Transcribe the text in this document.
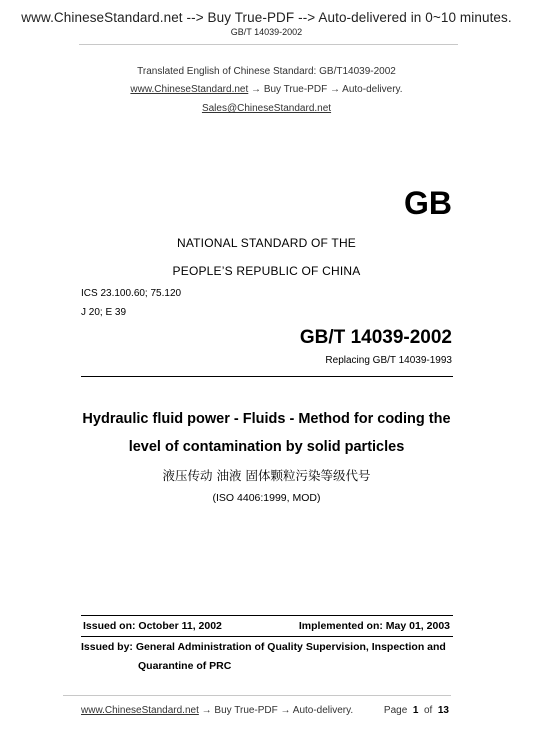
www.ChineseStandard.net --> Buy True-PDF --> Auto-delivered in 0~10 minutes.
GB/T 14039-2002
Translated English of Chinese Standard: GB/T14039-2002
www.ChineseStandard.net → Buy True-PDF → Auto-delivery.
Sales@ChineseStandard.net
GB
NATIONAL STANDARD OF THE
PEOPLE’S REPUBLIC OF CHINA
ICS 23.100.60; 75.120
J 20; E 39
GB/T 14039-2002
Replacing GB/T 14039-1993
Hydraulic fluid power - Fluids - Method for coding the
level of contamination by solid particles
液压传动 油液 固体颗粒污染等级代号
(ISO 4406:1999, MOD)
Issued on: October 11, 2002	Implemented on: May 01, 2003
Issued by: General Administration of Quality Supervision, Inspection and
Quarantine of PRC
www.ChineseStandard.net → Buy True-PDF → Auto-delivery.	Page 1 of 13
